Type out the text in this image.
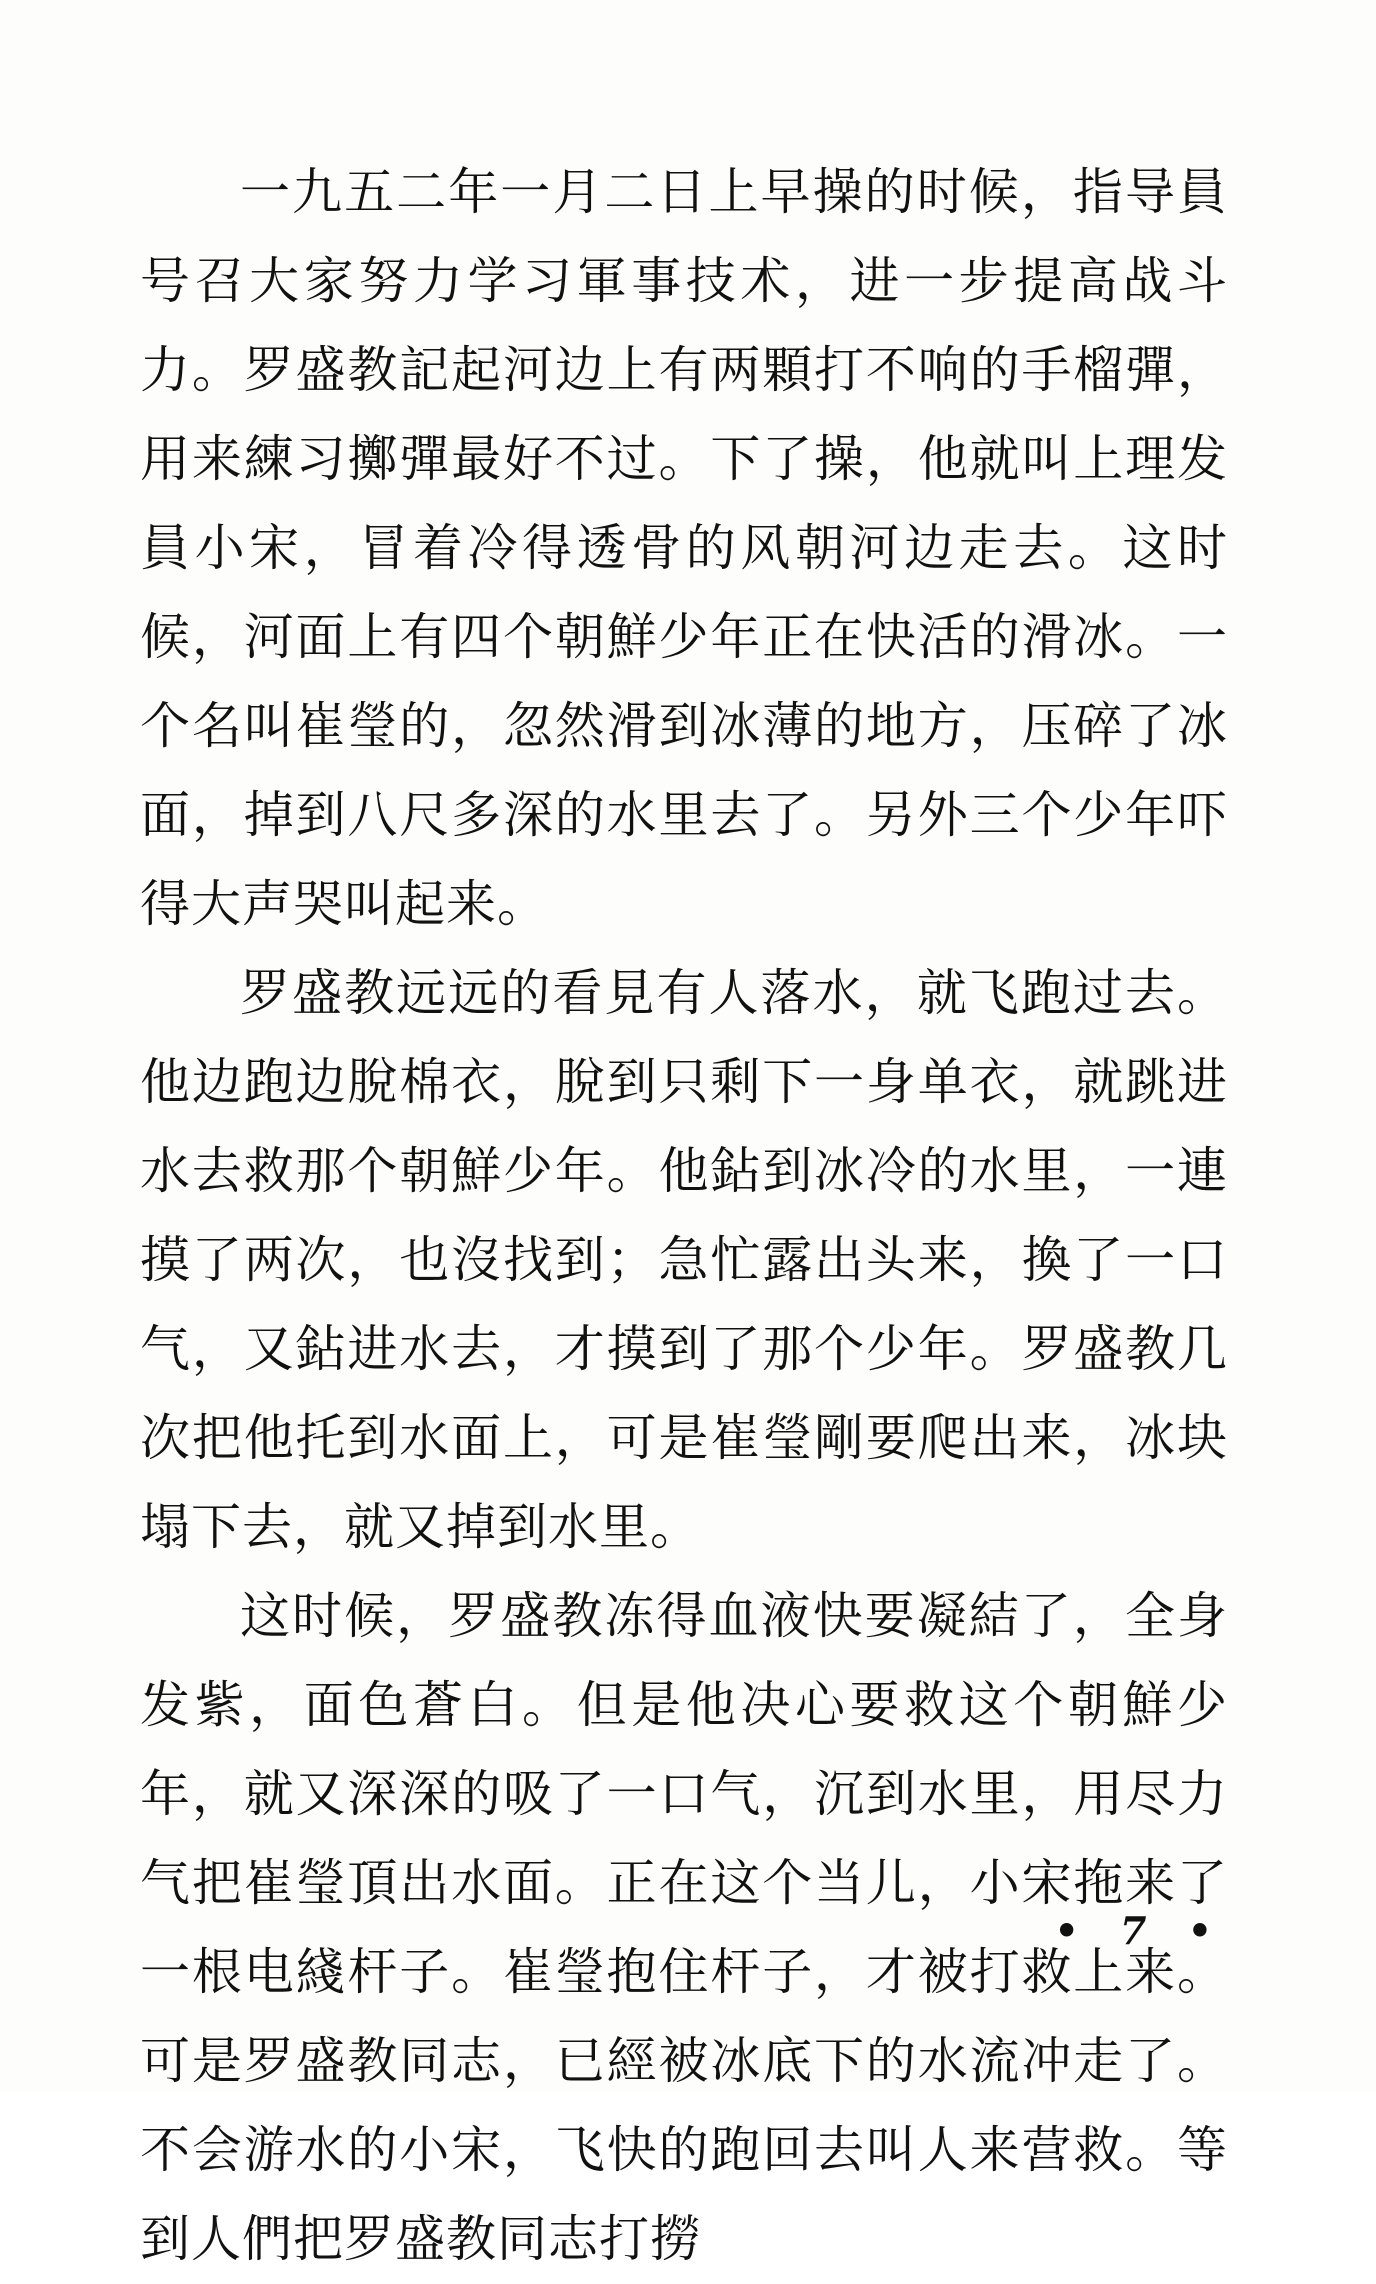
一九五二年一月二日上早操的时候，指导員号召大家努力学习軍事技术，进一步提高战斗力。罗盛教記起河边上有两顆打不响的手榴彈，用来練习擲彈最好不过。下了操，他就叫上理发員小宋，冒着冷得透骨的风朝河边走去。这时候，河面上有四个朝鮮少年正在快活的滑冰。一个名叫崔瑩的，忽然滑到冰薄的地方，压碎了冰面，掉到八尺多深的水里去了。另外三个少年吓得大声哭叫起来。

罗盛教远远的看見有人落水，就飞跑过去。他边跑边脫棉衣，脫到只剩下一身单衣，就跳进水去救那个朝鮮少年。他鉆到冰冷的水里，一連摸了两次，也沒找到；急忙露出头来，換了一口气，又鉆进水去，才摸到了那个少年。罗盛教几次把他托到水面上，可是崔瑩剛要爬出来，冰块塌下去，就又掉到水里。

这时候，罗盛教冻得血液快要凝結了，全身发紫，面色蒼白。但是他决心要救这个朝鮮少年，就又深深的吸了一口气，沉到水里，用尽力气把崔瑩頂出水面。正在这个当儿，小宋拖来了一根电綫杆子。崔瑩抱住杆子，才被打救上来。可是罗盛教同志，已經被冰底下的水流冲走了。不会游水的小宋，飞快的跑回去叫人来营救。等到人們把罗盛教同志打撈

• 7 •
